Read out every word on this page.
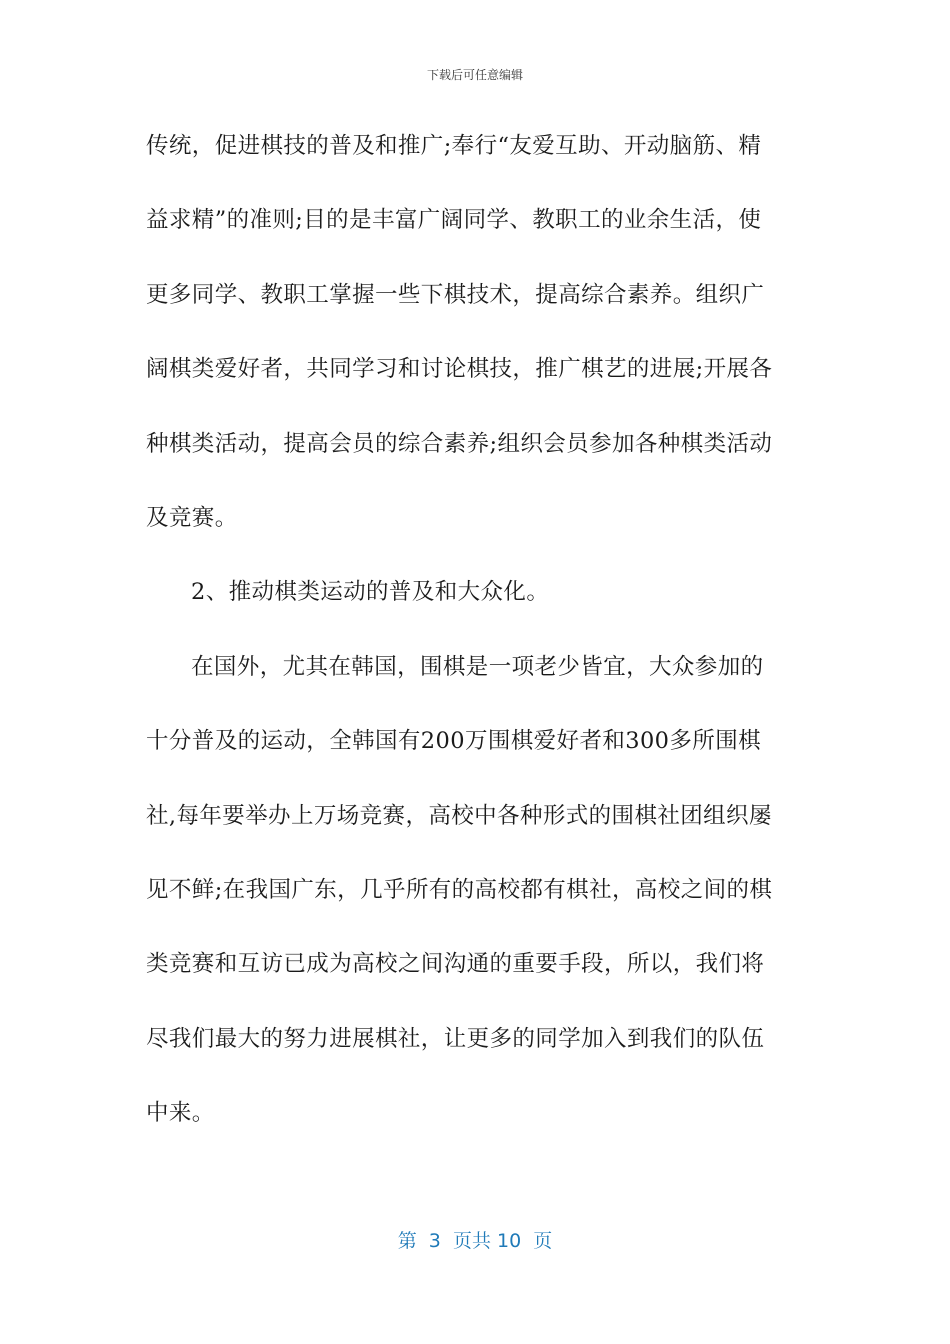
下载后可任意编辑
传统，促进棋技的普及和推广;奉行“友爱互助、开动脑筋、精
益求精”的准则;目的是丰富广阔同学、教职工的业余生活，使
更多同学、教职工掌握一些下棋技术，提高综合素养。组织广
阔棋类爱好者，共同学习和讨论棋技，推广棋艺的进展;开展各
种棋类活动，提高会员的综合素养;组织会员参加各种棋类活动
及竞赛。
2、推动棋类运动的普及和大众化。
在国外，尤其在韩国，围棋是一项老少皆宜，大众参加的
十分普及的运动，全韩国有200万围棋爱好者和300多所围棋
社,每年要举办上万场竞赛，高校中各种形式的围棋社团组织屡
见不鲜;在我国广东，几乎所有的高校都有棋社，高校之间的棋
类竞赛和互访已成为高校之间沟通的重要手段，所以，我们将
尽我们最大的努力进展棋社，让更多的同学加入到我们的队伍
中来。
第  3  页共 10  页
